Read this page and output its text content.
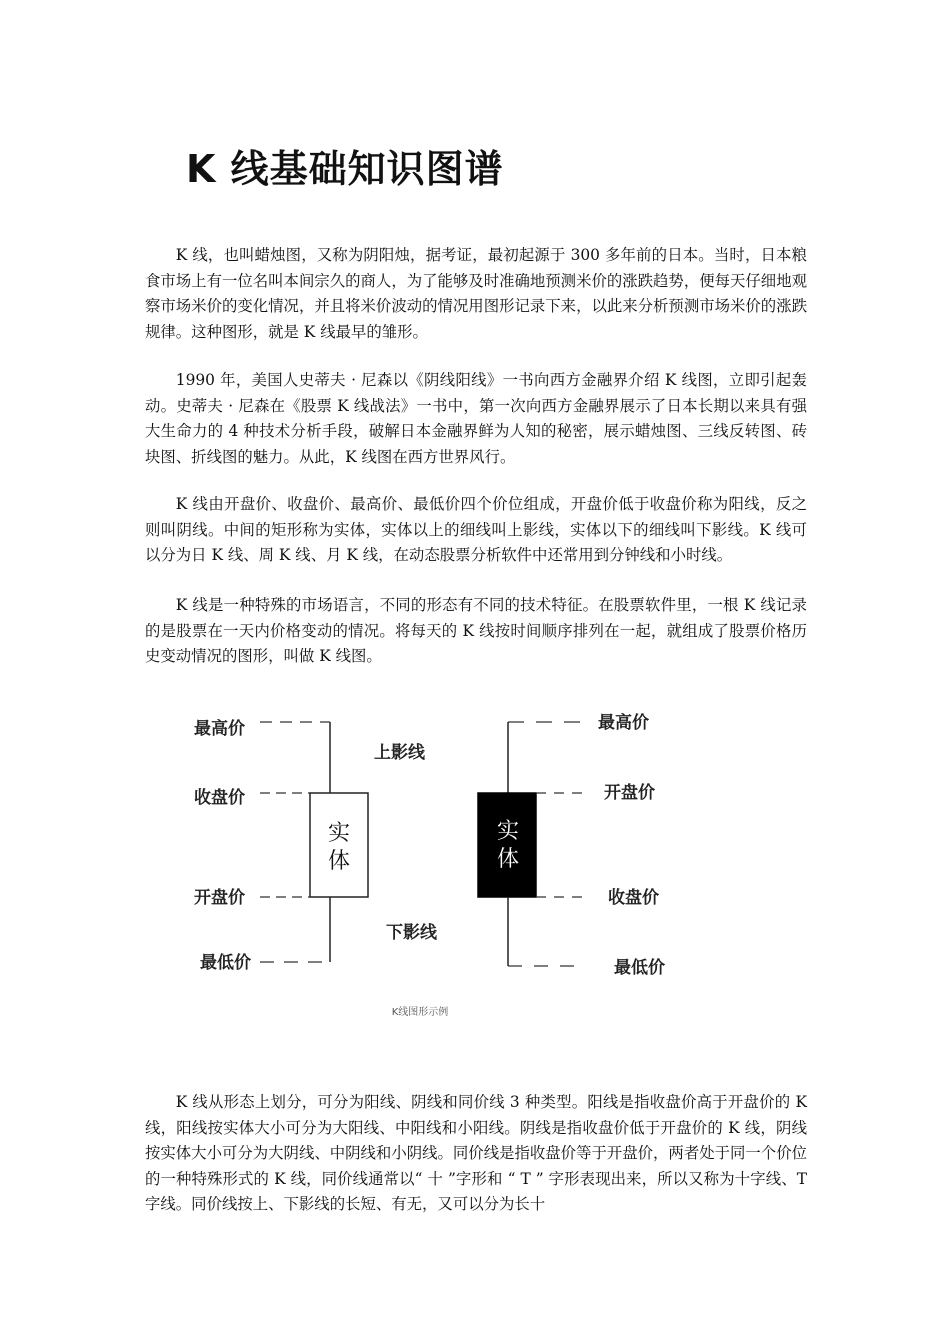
K 线基础知识图谱

K 线，也叫蜡烛图，又称为阴阳烛，据考证，最初起源于 300 多年前的日本。当时，日本粮食市场上有一位名叫本间宗久的商人，为了能够及时准确地预测米价的涨跌趋势，便每天仔细地观察市场米价的变化情况，并且将米价波动的情况用图形记录下来，以此来分析预测市场米价的涨跌规律。这种图形，就是 K 线最早的雏形。

1990 年，美国人史蒂夫 · 尼森以《阴线阳线》一书向西方金融界介绍 K 线图，立即引起轰动。史蒂夫 · 尼森在《股票 K 线战法》一书中，第一次向西方金融界展示了日本长期以来具有强大生命力的 4 种技术分析手段，破解日本金融界鲜为人知的秘密，展示蜡烛图、三线反转图、砖块图、折线图的魅力。从此，K 线图在西方世界风行。

K 线由开盘价、收盘价、最高价、最低价四个价位组成，开盘价低于收盘价称为阳线，反之则叫阴线。中间的矩形称为实体，实体以上的细线叫上影线，实体以下的细线叫下影线。K 线可以分为日 K 线、周 K 线、月 K 线，在动态股票分析软件中还常用到分钟线和小时线。

K 线是一种特殊的市场语言，不同的形态有不同的技术特征。在股票软件里，一根 K 线记录的是股票在一天内价格变动的情况。将每天的 K 线按时间顺序排列在一起，就组成了股票价格历史变动情况的图形，叫做 K 线图。

最高价
收盘价
开盘价
最低价
实
体
上影线
下影线
最高价
开盘价
收盘价
最低价
实
体
K线图形示例

K 线从形态上划分，可分为阳线、阴线和同价线 3 种类型。阳线是指收盘价高于开盘价的 K 线，阳线按实体大小可分为大阳线、中阳线和小阳线。阴线是指收盘价低于开盘价的 K 线，阴线按实体大小可分为大阴线、中阴线和小阴线。同价线是指收盘价等于开盘价，两者处于同一个价位的一种特殊形式的 K 线，同价线通常以“ 十 ”字形和 “ T ” 字形表现出来，所以又称为十字线、T 字线。同价线按上、下影线的长短、有无，又可以分为长十
